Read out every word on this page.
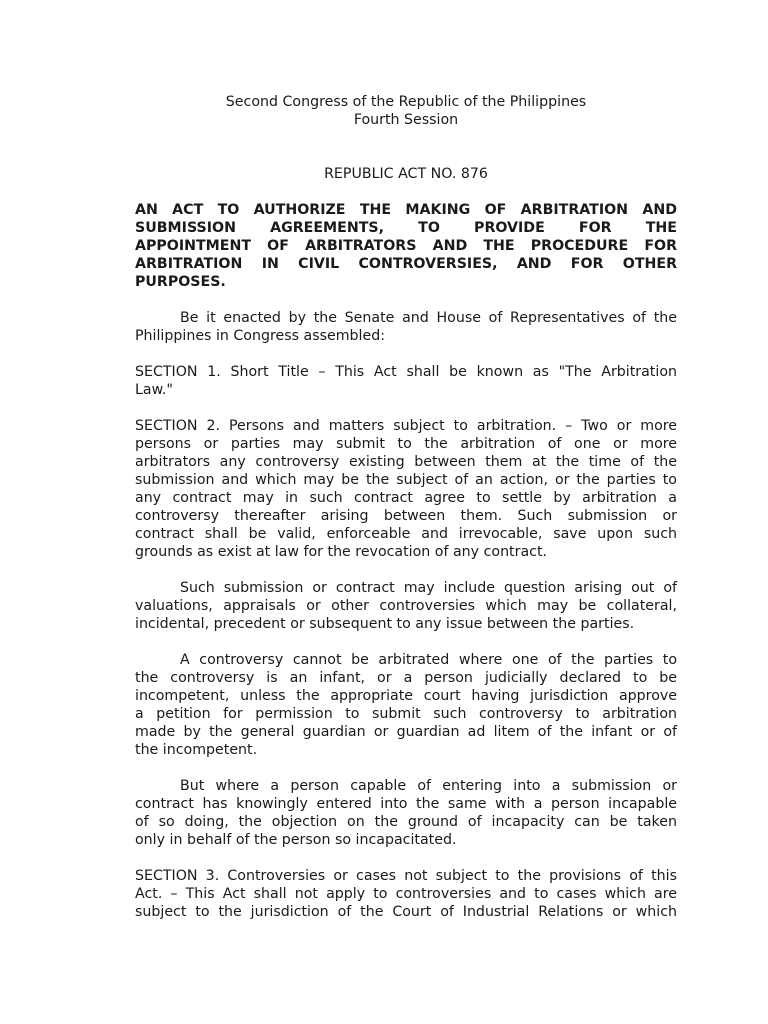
Second Congress of the Republic of the Philippines
Fourth Session
REPUBLIC ACT NO. 876
AN ACT TO AUTHORIZE THE MAKING OF ARBITRATION AND
SUBMISSION AGREEMENTS, TO PROVIDE FOR THE
APPOINTMENT OF ARBITRATORS AND THE PROCEDURE FOR
ARBITRATION IN CIVIL CONTROVERSIES, AND FOR OTHER
PURPOSES.
Be it enacted by the Senate and House of Representatives of the
Philippines in Congress assembled:
SECTION 1. Short Title – This Act shall be known as "The Arbitration
Law."
SECTION 2. Persons and matters subject to arbitration. – Two or more
persons or parties may submit to the arbitration of one or more
arbitrators any controversy existing between them at the time of the
submission and which may be the subject of an action, or the parties to
any contract may in such contract agree to settle by arbitration a
controversy thereafter arising between them. Such submission or
contract shall be valid, enforceable and irrevocable, save upon such
grounds as exist at law for the revocation of any contract.
Such submission or contract may include question arising out of
valuations, appraisals or other controversies which may be collateral,
incidental, precedent or subsequent to any issue between the parties.
A controversy cannot be arbitrated where one of the parties to
the controversy is an infant, or a person judicially declared to be
incompetent, unless the appropriate court having jurisdiction approve
a petition for permission to submit such controversy to arbitration
made by the general guardian or guardian ad litem of the infant or of
the incompetent.
But where a person capable of entering into a submission or
contract has knowingly entered into the same with a person incapable
of so doing, the objection on the ground of incapacity can be taken
only in behalf of the person so incapacitated.
SECTION 3. Controversies or cases not subject to the provisions of this
Act. – This Act shall not apply to controversies and to cases which are
subject to the jurisdiction of the Court of Industrial Relations or which
